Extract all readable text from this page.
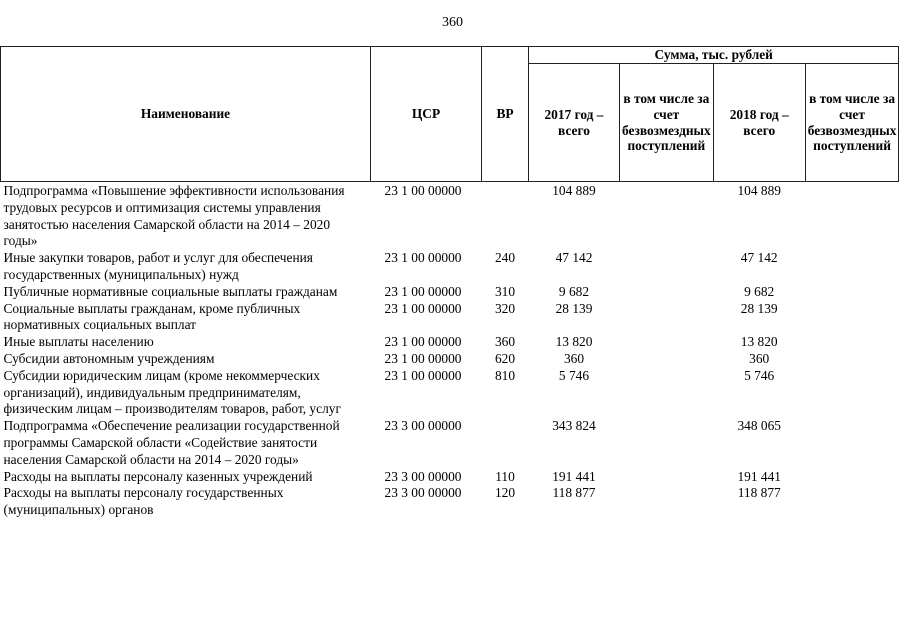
360
Наименование	ЦСР	ВР	Сумма, тыс. рублей			
			2017 год – всего	в том числе за счет безвозмездных поступлений	2018 год – всего	в том числе за счет безвозмездных поступлений
Подпрограмма «Повышение эффективности использования трудовых ресурсов и оптимизация системы управления занятостью населения Самарской области на 2014 – 2020 годы»	23 1 00 00000		104 889		104 889	
Иные закупки товаров, работ и услуг для обеспечения государственных (муниципальных) нужд	23 1 00 00000	240	47 142		47 142	
Публичные нормативные социальные выплаты гражданам	23 1 00 00000	310	9 682		9 682	
Социальные выплаты гражданам, кроме публичных нормативных социальных выплат	23 1 00 00000	320	28 139		28 139	
Иные выплаты населению	23 1 00 00000	360	13 820		13 820	
Субсидии автономным учреждениям	23 1 00 00000	620	360		360	
Субсидии юридическим лицам (кроме некоммерческих организаций), индивидуальным предпринимателям, физическим лицам – производителям товаров, работ, услуг	23 1 00 00000	810	5 746		5 746	
Подпрограмма «Обеспечение реализации государственной программы Самарской области «Содействие занятости населения Самарской области на 2014 – 2020 годы»	23 3 00 00000		343 824		348 065	
Расходы на выплаты персоналу казенных учреждений	23 3 00 00000	110	191 441		191 441	
Расходы на выплаты персоналу государственных (муниципальных) органов	23 3 00 00000	120	118 877		118 877	
